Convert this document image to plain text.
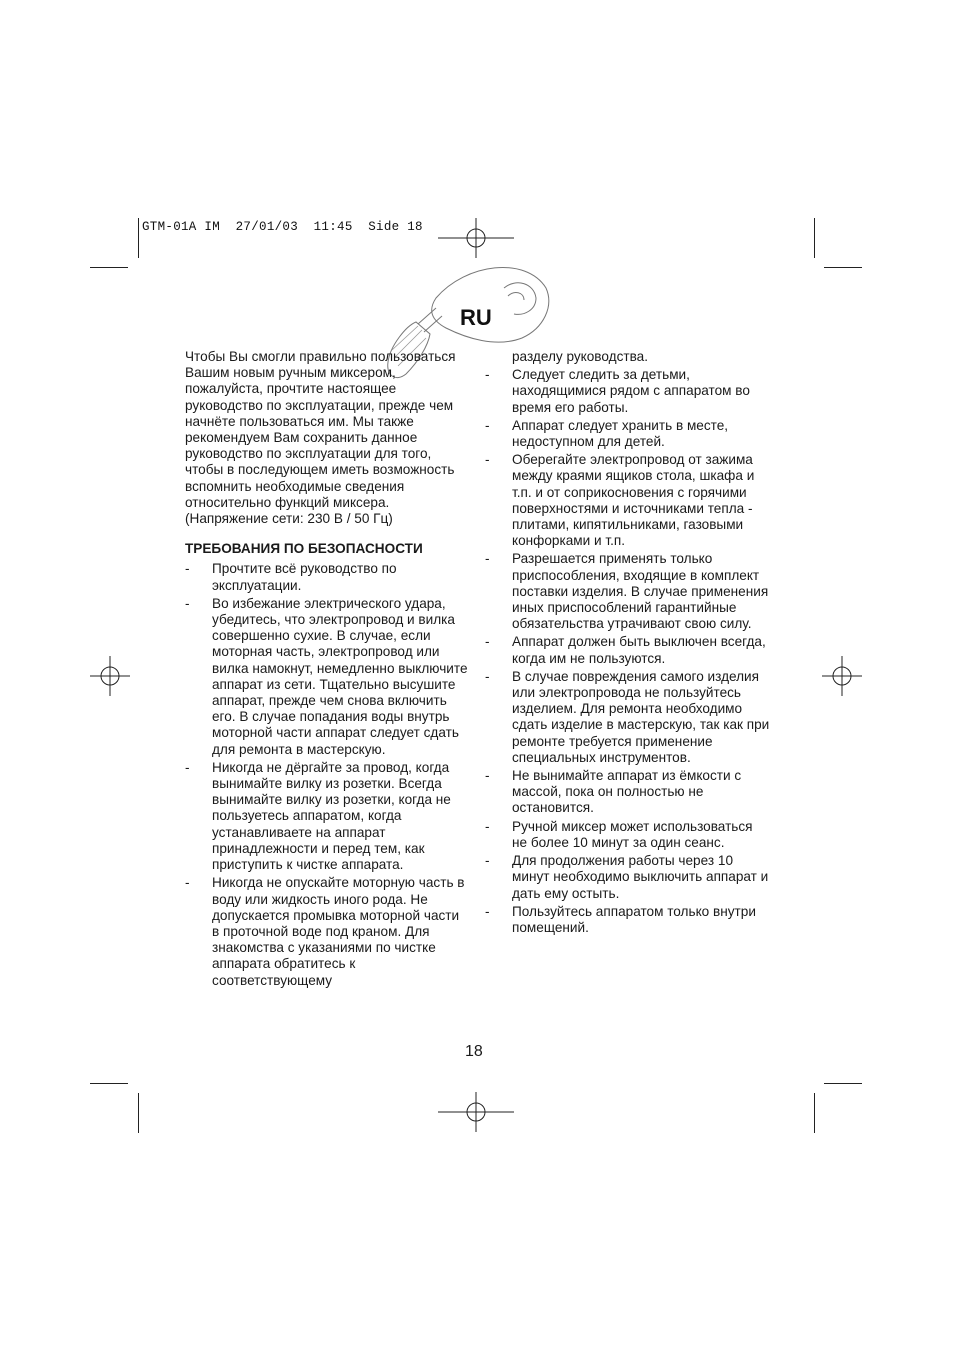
GTM-01A IM  27/01/03  11:45  Side 18
RU

Чтобы Вы смогли правильно пользоваться Вашим новым ручным миксером, пожалуйста, прочтите настоящее руководство по эксплуатации, прежде чем начнёте пользоваться им. Мы также рекомендуем Вам сохранить данное руководство по эксплуатации для того, чтобы в последующем иметь возможность вспомнить необходимые сведения относительно функций миксера.

(Напряжение сети: 230 В / 50 Гц)

ТРЕБОВАНИЯ ПО БЕЗОПАСНОСТИ
- Прочтите всё руководство по эксплуатации.
- Во избежание электрического удара, убедитесь, что электропровод и вилка совершенно сухие. В случае, если моторная часть, электропровод или вилка намокнут, немедленно выключите аппарат из сети. Тщательно высушите аппарат, прежде чем снова включить его. В случае попадания воды внутрь моторной части аппарат следует сдать для ремонта в мастерскую.
- Никогда не дёргайте за провод, когда вынимайте вилку из розетки. Всегда вынимайте вилку из розетки, когда не пользуетесь аппаратом, когда устанавливаете на аппарат принадлежности и перед тем, как приступить к чистке аппарата.
- Никогда не опускайте моторную часть в воду или жидкость иного рода. Не допускается промывка моторной части в проточной воде под краном. Для знакомства с указаниями по чистке аппарата обратитесь к соответствующему

разделу руководства.

- Следует следить за детьми, находящимися рядом с аппаратом во время его работы.
- Аппарат следует хранить в месте, недоступном для детей.
- Оберегайте электропровод от зажима между краями ящиков стола, шкафа и т.п. и от соприкосновения с горячими поверхностями и источниками тепла - плитами, кипятильниками, газовыми конфорками и т.п.
- Разрешается применять только приспособления, входящие в комплект поставки изделия. В случае применения иных приспособлений гарантийные обязательства утрачивают свою силу.
- Аппарат должен быть выключен всегда, когда им не пользуются.
- В случае повреждения самого изделия или электропровода не пользуйтесь изделием. Для ремонта необходимо сдать изделие в мастерскую, так как при ремонте требуется применение специальных инструментов.
- Не вынимайте аппарат из ёмкости с массой, пока он полностью не остановится.
- Ручной миксер может использоваться не более 10 минут за один сеанс.
- Для продолжения работы через 10 минут необходимо выключить аппарат и дать ему остыть.
- Пользуйтесь аппаратом только внутри помещений.
18
